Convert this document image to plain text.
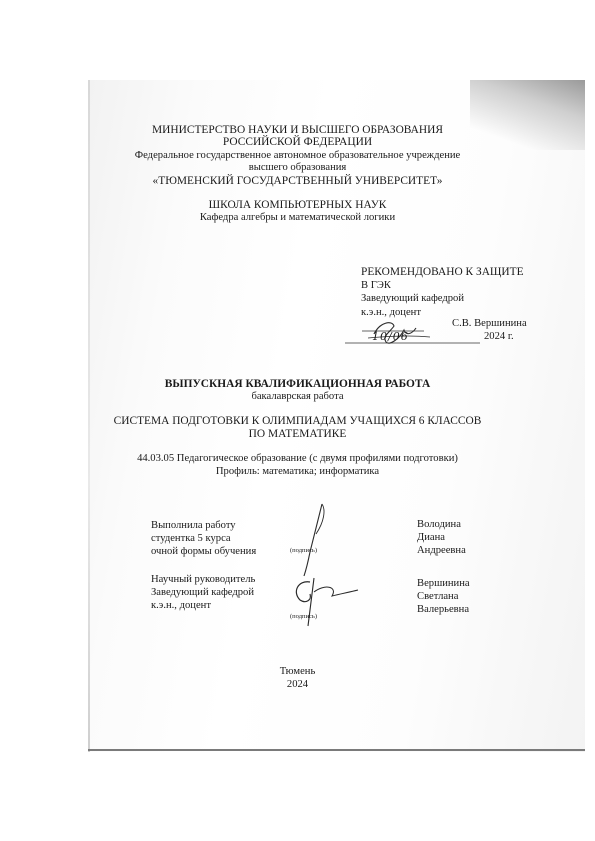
МИНИСТЕРСТВО НАУКИ И ВЫСШЕГО ОБРАЗОВАНИЯ
РОССИЙСКОЙ ФЕДЕРАЦИИ
Федеральное государственное автономное образовательное учреждение
высшего образования
«ТЮМЕНСКИЙ ГОСУДАРСТВЕННЫЙ УНИВЕРСИТЕТ»
ШКОЛА КОМПЬЮТЕРНЫХ НАУК
Кафедра алгебры и математической логики
РЕКОМЕНДОВАНО К ЗАЩИТЕ
В ГЭК
Заведующий кафедрой
к.э.н., доцент
С.В. Вершинина
10/06	2024 г.
ВЫПУСКНАЯ КВАЛИФИКАЦИОННАЯ РАБОТА
бакалаврская работа
СИСТЕМА ПОДГОТОВКИ К ОЛИМПИАДАМ УЧАЩИХСЯ 6 КЛАССОВ
ПО МАТЕМАТИКЕ
44.03.05 Педагогическое образование (с двумя профилями подготовки)
Профиль: математика; информатика
Выполнила работу
студентка 5 курса
очной формы обучения	(подпись)
Володина
Диана
Андреевна
Научный руководитель
Заведующий кафедрой
к.э.н., доцент
(подпись)
Вершинина
Светлана
Валерьевна
Тюмень
2024
